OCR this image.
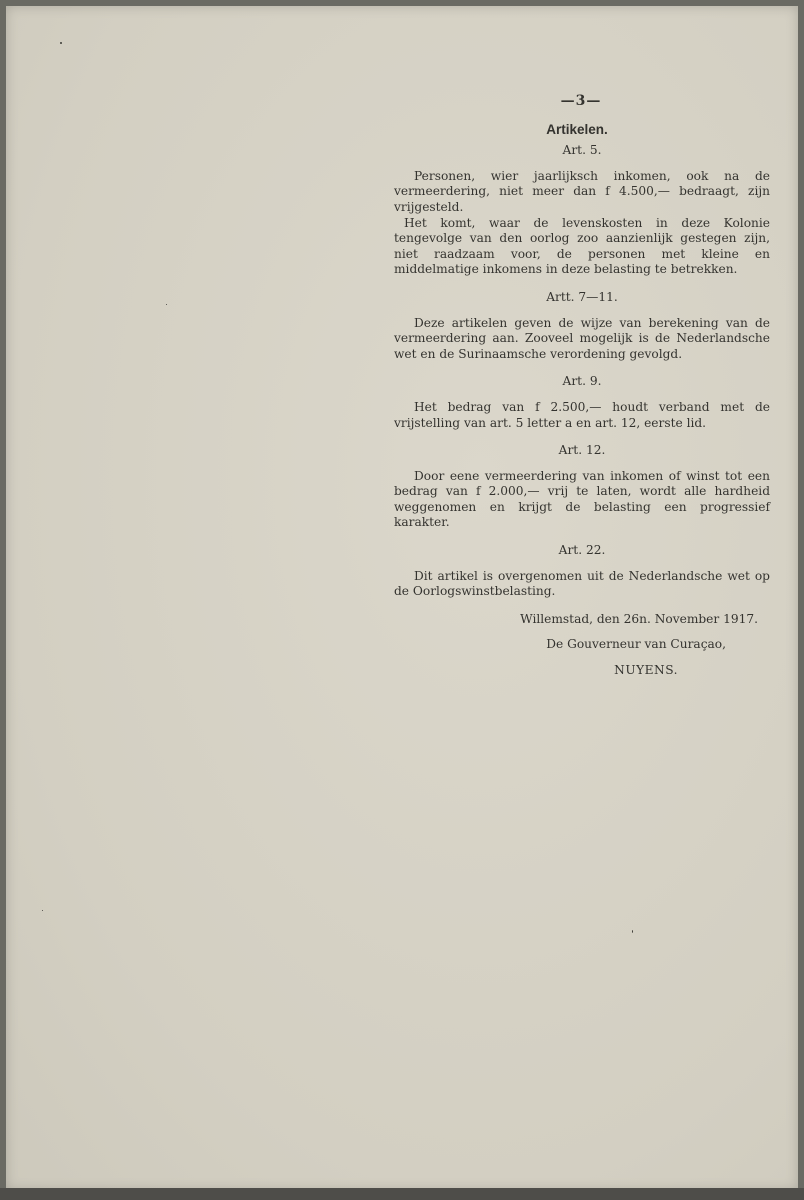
—3—
Artikelen.
Art. 5.

Personen, wier jaarlijksch inkomen, ook na de vermeerdering, niet meer dan f 4.500,— bedraagt, zijn vrijgesteld.

Het komt, waar de levenskosten in deze Kolonie tengevolge van den oorlog zoo aanzienlijk gestegen zijn, niet raadzaam voor, de personen met kleine en middelmatige inkomens in deze belasting te betrekken.

Artt. 7—11.

Deze artikelen geven de wijze van berekening van de vermeerdering aan. Zooveel mogelijk is de Nederlandsche wet en de Surinaamsche verordening gevolgd.

Art. 9.

Het bedrag van f 2.500,— houdt verband met de vrijstelling van art. 5 letter a en art. 12, eerste lid.

Art. 12.

Door eene vermeerdering van inkomen of winst tot een bedrag van f 2.000,— vrij te laten, wordt alle hardheid weggenomen en krijgt de belasting een progressief karakter.

Art. 22.

Dit artikel is overgenomen uit de Nederlandsche wet op de Oorlogswinstbelasting.

Willemstad, den 26n. November 1917.
De Gouverneur van Curaçao,
NUYENS.
